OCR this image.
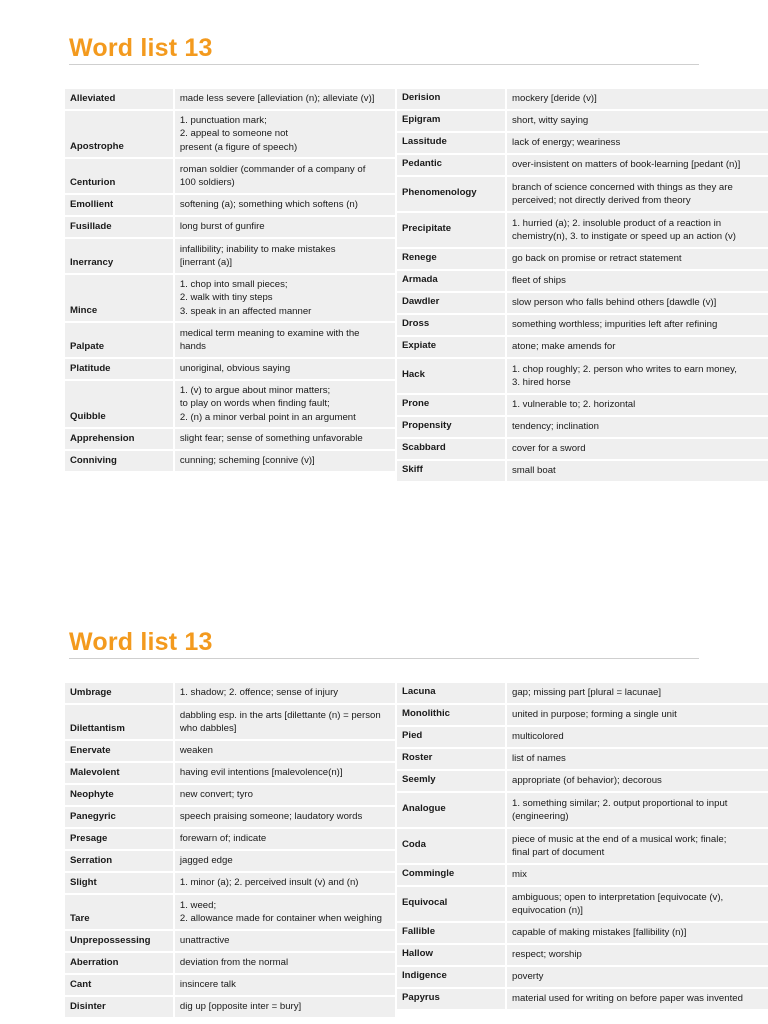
Word list 13
Alleviated	made less severe [alleviation (n); alleviate (v)]
Apostrophe	1. punctuation mark;
2. appeal to someone not
present (a figure of speech)
Centurion	roman soldier (commander of a company of
100 soldiers)
Emollient	softening (a); something which softens (n)
Fusillade	long burst of gunfire
Inerrancy	infallibility; inability to make mistakes
[inerrant (a)]
Mince	1. chop into small pieces;
2. walk with tiny steps
3. speak in an affected manner
Palpate	medical term meaning to examine with the
hands
Platitude	unoriginal, obvious saying
Quibble	1. (v) to argue about minor matters;
to play on words when finding fault;
2. (n) a minor verbal point in an argument
Apprehension	slight fear; sense of something unfavorable
Conniving	cunning; scheming [connive (v)]
Derision	mockery [deride (v)]
Epigram	short, witty saying
Lassitude	lack of energy; weariness
Pedantic	over-insistent on matters of book-learning [pedant (n)]
Phenomenology	branch of science concerned with things as they are
perceived; not directly derived from theory
Precipitate	1. hurried (a); 2. insoluble product of a reaction in
chemistry(n), 3. to instigate or speed up an action (v)
Renege	go back on promise or retract statement
Armada	fleet of ships
Dawdler	slow person who falls behind others [dawdle (v)]
Dross	something worthless; impurities left after refining
Expiate	atone; make amends for
Hack	1. chop roughly; 2. person who writes to earn money,
3. hired horse
Prone	1. vulnerable to; 2. horizontal
Propensity	tendency; inclination
Scabbard	cover for a sword
Skiff	small boat
Word list 13
Umbrage	1. shadow; 2. offence; sense of injury
Dilettantism	dabbling esp. in the arts [dilettante (n) = person
who dabbles]
Enervate	weaken
Malevolent	having evil intentions [malevolence(n)]
Neophyte	new convert; tyro
Panegyric	speech praising someone; laudatory words
Presage	forewarn of; indicate
Serration	jagged edge
Slight	1. minor (a); 2. perceived insult (v) and (n)
Tare	1. weed;
2. allowance made for container when weighing
Unprepossessing	unattractive
Aberration	deviation from the normal
Cant	insincere talk
Disinter	dig up [opposite inter = bury]
Lacuna	gap; missing part [plural = lacunae]
Monolithic	united in purpose; forming a single unit
Pied	multicolored
Roster	list of names
Seemly	appropriate (of behavior); decorous
Analogue	1. something similar; 2. output proportional to input
(engineering)
Coda	piece of music at the end of a musical work; finale;
final part of document
Commingle	mix
Equivocal	ambiguous; open to interpretation [equivocate (v),
equivocation (n)]
Fallible	capable of making mistakes [fallibility (n)]
Hallow	respect; worship
Indigence	poverty
Papyrus	material used for writing on before paper was invented
